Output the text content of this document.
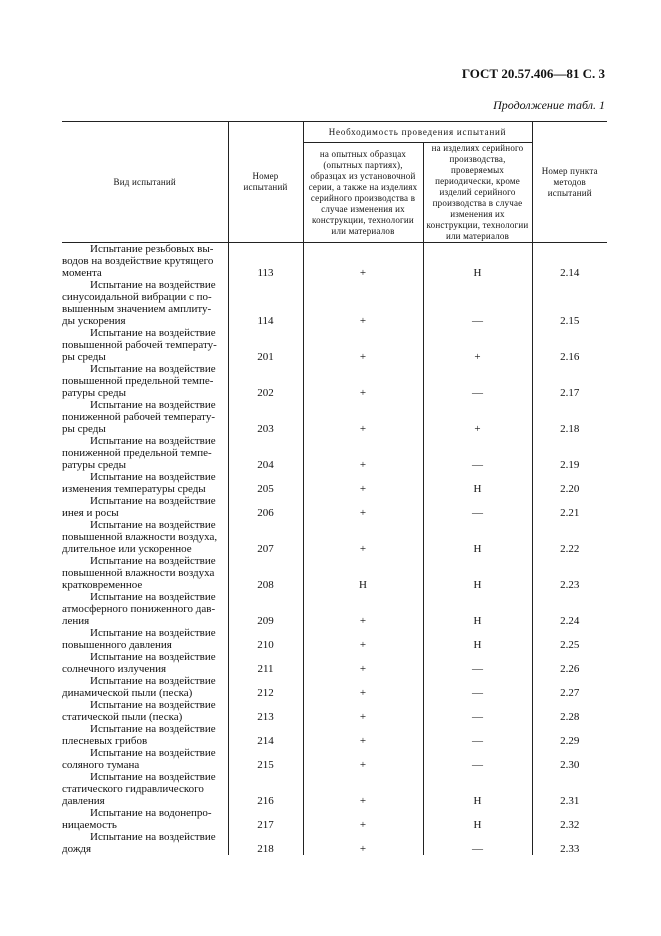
ГОСТ 20.57.406—81 С. 3
Продолжение табл. 1
Вид испытаний	Номер испытаний	Необходимость проведения испытаний		Номер пункта методов испытаний
		на опытных образцах (опытных партиях), образцах из установочной серии, а также на изделиях серийного производства в случае изменения их конструкции, технологии или материалов	на изделиях серийного производства, проверяемых периодически, кроме изделий серийного производства в случае изменения их конструкции, технологии или материалов	

Испытание резьбовых вы-
водов на воздействие крутящего
момента	113	+	Н	2.14

Испытание на воздействие
синусоидальной вибрации с по-
вышенным значением амплиту-
ды ускорения	114	+	—	2.15

Испытание на воздействие
повышенной рабочей температу-
ры среды	201	+	+	2.16

Испытание на воздействие
повышенной предельной темпе-
ратуры среды	202	+	—	2.17

Испытание на воздействие
пониженной рабочей температу-
ры среды	203	+	+	2.18

Испытание на воздействие
пониженной предельной темпе-
ратуры среды	204	+	—	2.19

Испытание на воздействие
изменения температуры среды	205	+	Н	2.20

Испытание на воздействие
инея и росы	206	+	—	2.21

Испытание на воздействие
повышенной влажности воздуха,
длительное или ускоренное	207	+	Н	2.22

Испытание на воздействие
повышенной влажности воздуха
кратковременное	208	Н	Н	2.23

Испытание на воздействие
атмосферного пониженного дав-
ления	209	+	Н	2.24

Испытание на воздействие
повышенного давления	210	+	Н	2.25

Испытание на воздействие
солнечного излучения	211	+	—	2.26

Испытание на воздействие
динамической пыли (песка)	212	+	—	2.27

Испытание на воздействие
статической пыли (песка)	213	+	—	2.28

Испытание на воздействие
плесневых грибов	214	+	—	2.29

Испытание на воздействие
соляного тумана	215	+	—	2.30

Испытание на воздействие
статического гидравлического
давления	216	+	Н	2.31

Испытание на водонепро-
ницаемость	217	+	Н	2.32

Испытание на воздействие
дождя	218	+	—	2.33
